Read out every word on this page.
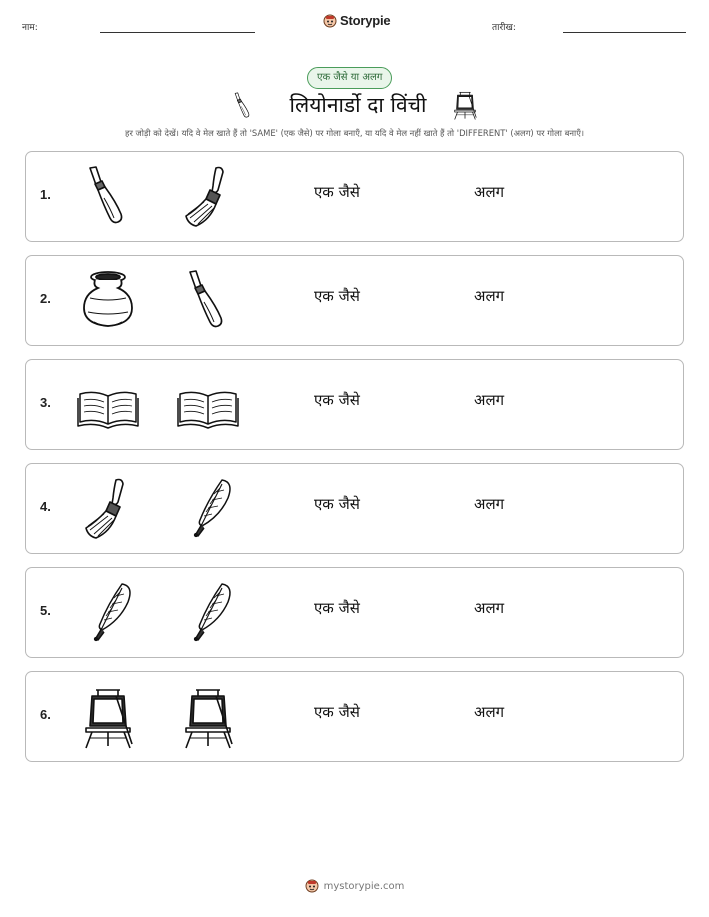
नाम:	Storypie	तारीख:
एक जैसे या अलग
लियोनार्डो दा विंची
हर जोड़ी को देखें। यदि वे मेल खाते हैं तो 'SAME' (एक जैसे) पर गोला बनाएँ, या यदि वे मेल नहीं खाते हैं तो 'DIFFERENT' (अलग) पर गोला बनाएँ।
1.	एक जैसे	अलग
2.	एक जैसे	अलग
3.	एक जैसे	अलग
4.	एक जैसे	अलग
5.	एक जैसे	अलग
6.	एक जैसे	अलग
mystorypie.com
